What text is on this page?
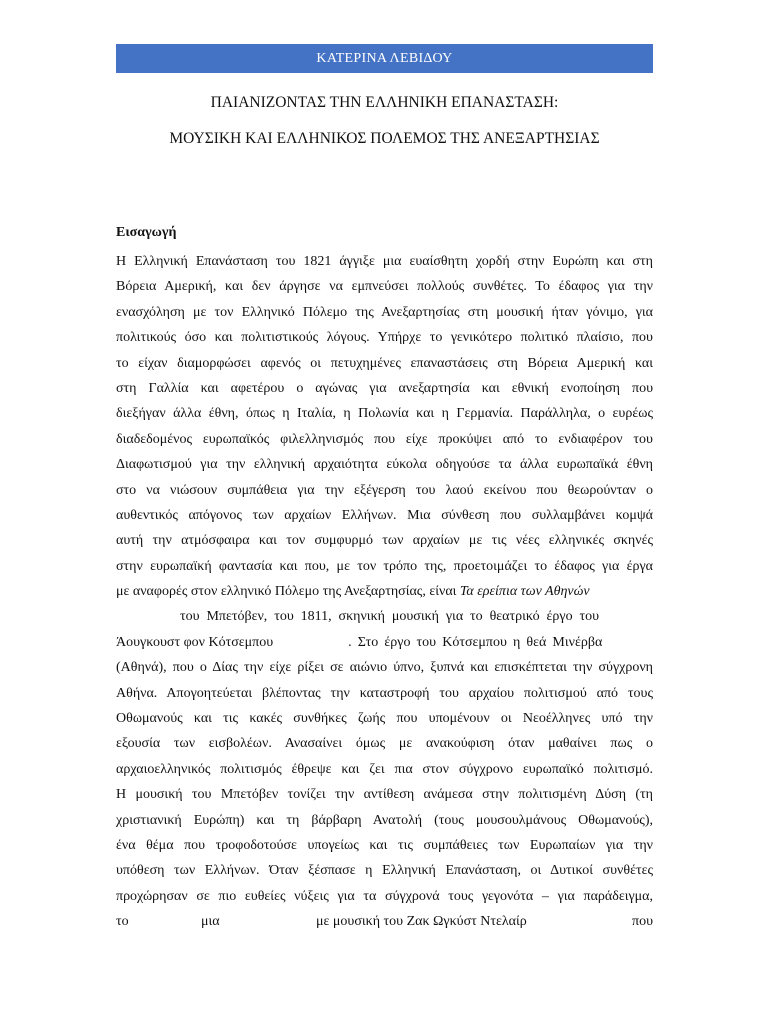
ΚΑΤΕΡΙΝΑ ΛΕΒΙΔΟΥ

ΠΑΙΑΝΙΖΟΝΤΑΣ ΤΗΝ ΕΛΛΗΝΙΚΗ ΕΠΑΝΑΣΤΑΣΗ:

ΜΟΥΣΙΚΗ ΚΑΙ ΕΛΛΗΝΙΚΟΣ ΠΟΛΕΜΟΣ ΤΗΣ ΑΝΕΞΑΡΤΗΣΙΑΣ

Εισαγωγή

Η Ελληνική Επανάσταση του 1821 άγγιξε μια ευαίσθητη χορδή στην Ευρώπη και στη
Βόρεια Αμερική, και δεν άργησε να εμπνεύσει πολλούς συνθέτες. Το έδαφος για την
ενασχόληση με τον Ελληνικό Πόλεμο της Ανεξαρτησίας στη μουσική ήταν γόνιμο, για
πολιτικούς όσο και πολιτιστικούς λόγους. Υπήρχε το γενικότερο πολιτικό πλαίσιο, που
το είχαν διαμορφώσει αφενός οι πετυχημένες επαναστάσεις στη Βόρεια Αμερική και
στη Γαλλία και αφετέρου ο αγώνας για ανεξαρτησία και εθνική ενοποίηση που
διεξήγαν άλλα έθνη, όπως η Ιταλία, η Πολωνία και η Γερμανία. Παράλληλα, ο ευρέως
διαδεδομένος ευρωπαϊκός φιλελληνισμός που είχε προκύψει από το ενδιαφέρον του
Διαφωτισμού για την ελληνική αρχαιότητα εύκολα οδηγούσε τα άλλα ευρωπαϊκά έθνη
στο να νιώσουν συμπάθεια για την εξέγερση του λαού εκείνου που θεωρούνταν ο
αυθεντικός απόγονος των αρχαίων Ελλήνων. Μια σύνθεση που συλλαμβάνει κομψά
αυτή την ατμόσφαιρα και τον συμφυρμό των αρχαίων με τις νέες ελληνικές σκηνές
στην ευρωπαϊκή φαντασία και που, με τον τρόπο της, προετοιμάζει το έδαφος για έργα
με αναφορές στον ελληνικό Πόλεμο της Ανεξαρτησίας, είναι Τα ερείπια των Αθηνών
του Μπετόβεν, του 1811, σκηνική μουσική για το θεατρικό έργο του
Άουγκουστ φον Κότσεμπου	. Στο έργο του Κότσεμπου η θεά Μινέρβα
(Αθηνά), που ο Δίας την είχε ρίξει σε αιώνιο ύπνο, ξυπνά και επισκέπτεται την σύγχρονη
Αθήνα. Απογοητεύεται βλέποντας την καταστροφή του αρχαίου πολιτισμού από τους
Οθωμανούς και τις κακές συνθήκες ζωής που υπομένουν οι Νεοέλληνες υπό την
εξουσία των εισβολέων. Ανασαίνει όμως με ανακούφιση όταν μαθαίνει πως ο
αρχαιοελληνικός πολιτισμός έθρεψε και ζει πια στον σύγχρονο ευρωπαϊκό πολιτισμό.
Η μουσική του Μπετόβεν τονίζει την αντίθεση ανάμεσα στην πολιτισμένη Δύση (τη
χριστιανική Ευρώπη) και τη βάρβαρη Ανατολή (τους μουσουλμάνους Οθωμανούς),
ένα θέμα που τροφοδοτούσε υπογείως και τις συμπάθειες των Ευρωπαίων για την
υπόθεση των Ελλήνων. Όταν ξέσπασε η Ελληνική Επανάσταση, οι Δυτικοί συνθέτες
προχώρησαν σε πιο ευθείες νύξεις για τα σύγχρονά τους γεγονότα – για παράδειγμα,
το	μια	με μουσική του Ζακ Ωγκύστ Ντελαίρ	που
